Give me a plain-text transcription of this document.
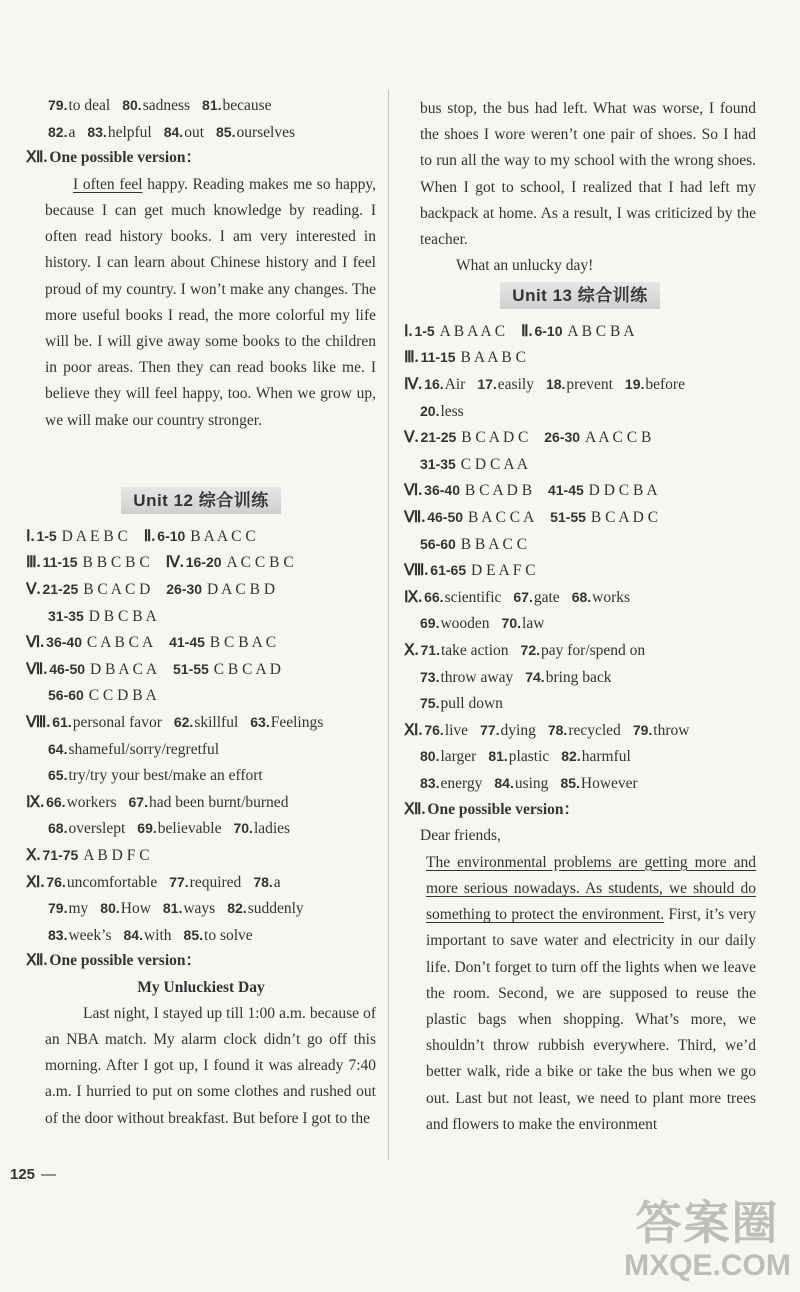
79.to deal 80.sadness 81.because
82.a 83.helpful 84.out 85.ourselves
Ⅻ. One possible version：

I often feel happy. Reading makes me so happy, because I can get much knowledge by reading. I often read history books. I am very interested in history. I can learn about Chinese history and I feel proud of my country. I won’t make any changes. The more useful books I read, the more colorful my life will be. I will give away some books to the children in poor areas. Then they can read books like me. I believe they will feel happy, too. When we grow up, we will make our country stronger.

Unit 12 综合训练
Ⅰ. 1-5 D A E B C Ⅱ. 6-10 B A A C C
Ⅲ. 11-15 B B C B C Ⅳ. 16-20 A C C B C
Ⅴ. 21-25 B C A C D 26-30 D A C B D
31-35 D B C B A
Ⅵ. 36-40 C A B C A 41-45 B C B A C
Ⅶ. 46-50 D B A C A 51-55 C B C A D
56-60 C C D B A
Ⅷ. 61.personal favor 62.skillful 63.Feelings
64.shameful/sorry/regretful
65.try/try your best/make an effort
Ⅸ. 66.workers 67.had been burnt/burned
68.overslept 69.believable 70.ladies
Ⅹ. 71-75 A B D F C
Ⅺ. 76.uncomfortable 77.required 78.a
79.my 80.How 81.ways 82.suddenly
83.week’s 84.with 85.to solve
Ⅻ. One possible version：
My Unluckiest Day

Last night, I stayed up till 1:00 a.m. because of an NBA match. My alarm clock didn’t go off this morning. After I got up, I found it was already 7:40 a.m. I hurried to put on some clothes and rushed out of the door without breakfast. But before I got to the

bus stop, the bus had left. What was worse, I found the shoes I wore weren’t one pair of shoes. So I had to run all the way to my school with the wrong shoes. When I got to school, I realized that I had left my backpack at home. As a result, I was criticized by the teacher.

What an unlucky day!
Unit 13 综合训练
Ⅰ. 1-5 A B A A C Ⅱ. 6-10 A B C B A
Ⅲ. 11-15 B A A B C
Ⅳ. 16.Air 17.easily 18.prevent 19.before
20.less
Ⅴ. 21-25 B C A D C 26-30 A A C C B
31-35 C D C A A
Ⅵ. 36-40 B C A D B 41-45 D D C B A
Ⅶ. 46-50 B A C C A 51-55 B C A D C
56-60 B B A C C
Ⅷ. 61-65 D E A F C
Ⅸ. 66.scientific 67.gate 68.works
69.wooden 70.law
Ⅹ. 71.take action 72.pay for/spend on
73.throw away 74.bring back
75.pull down
Ⅺ. 76.live 77.dying 78.recycled 79.throw
80.larger 81.plastic 82.harmful
83.energy 84.using 85.However
Ⅻ. One possible version：
Dear friends,

The environmental problems are getting more and more serious nowadays. As students, we should do something to protect the environment. First, it’s very important to save water and electricity in our daily life. Don’t forget to turn off the lights when we leave the room. Second, we are supposed to reuse the plastic bags when shopping. What’s more, we shouldn’t throw rubbish everywhere. Third, we’d better walk, ride a bike or take the bus when we go out. Last but not least, we need to plant more trees and flowers to make the environment

125 —
答案圈
MXQE.COM
